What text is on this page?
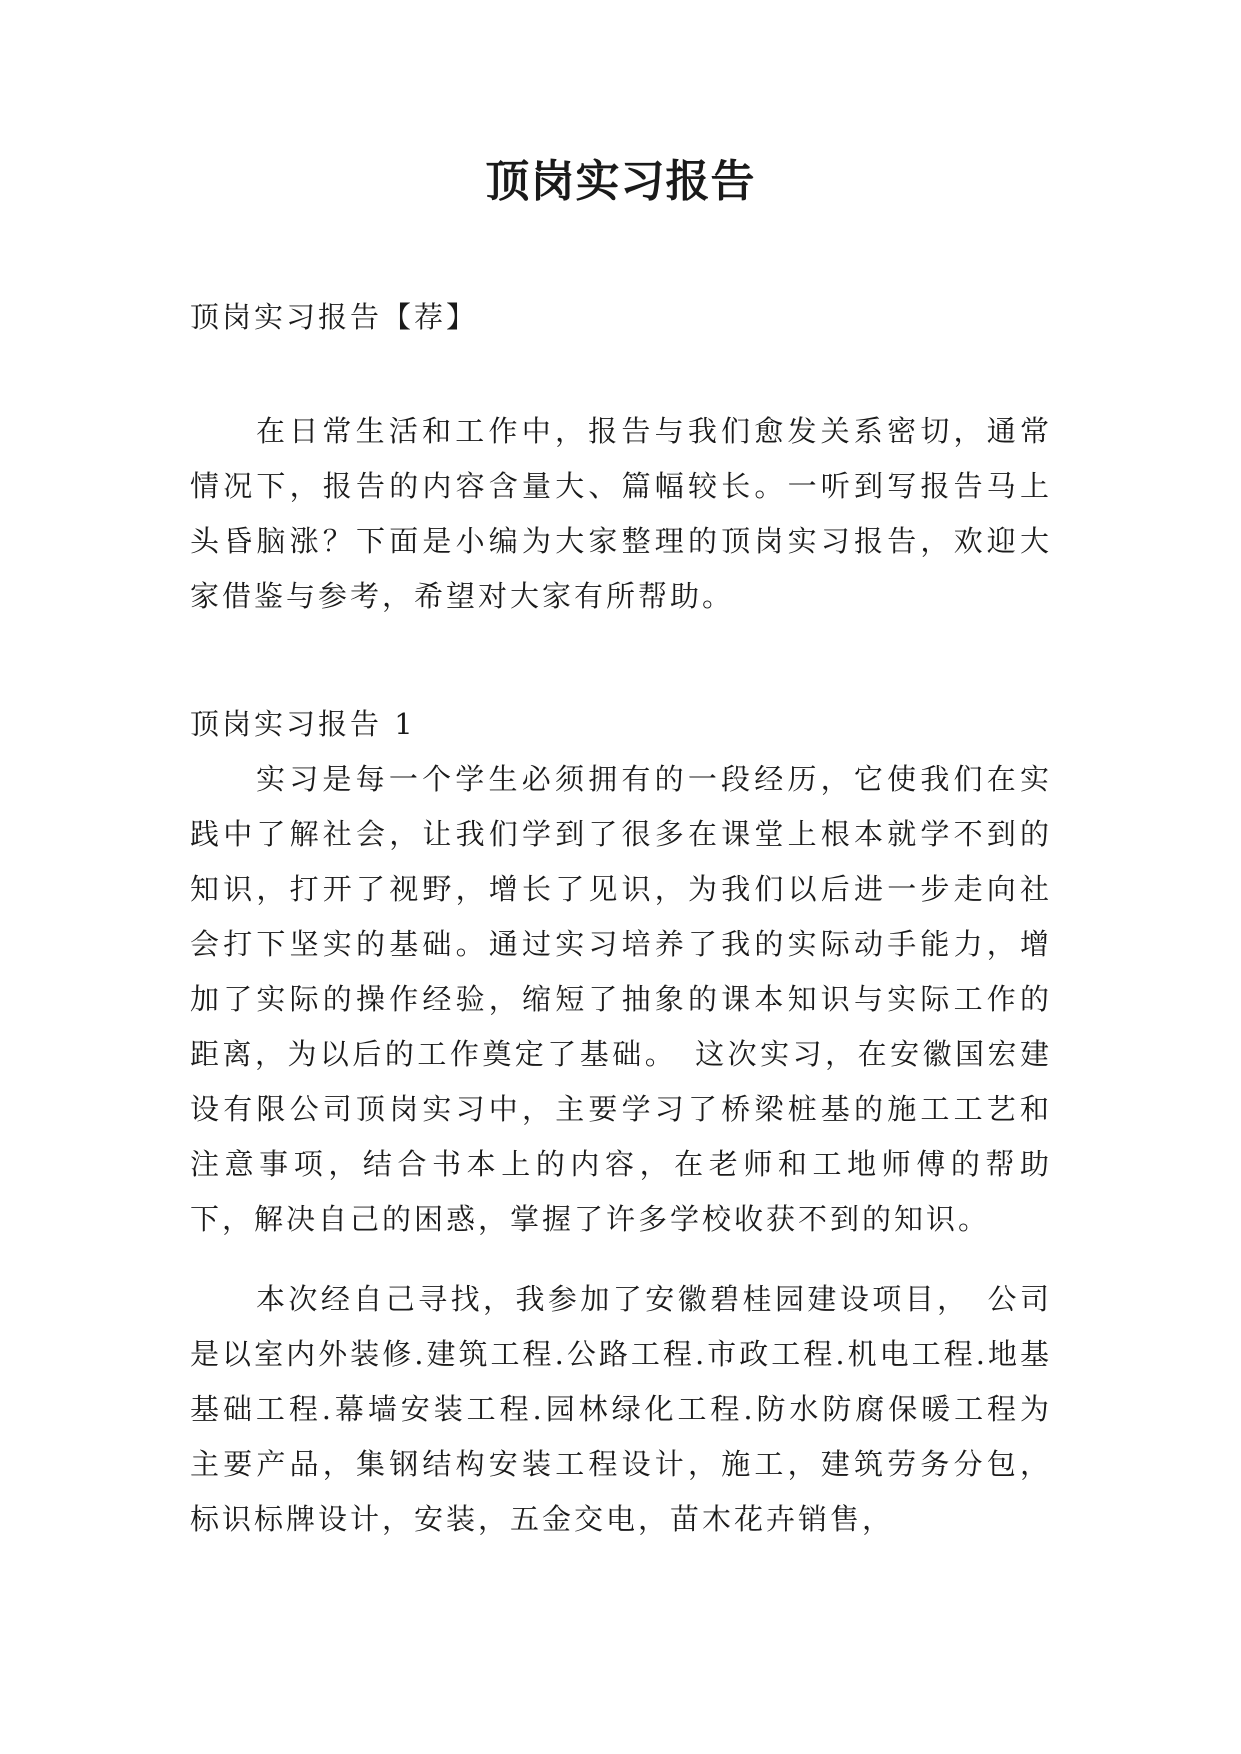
顶岗实习报告

顶岗实习报告【荐】

在日常生活和工作中，报告与我们愈发关系密切，通常情况下，报告的内容含量大、篇幅较长。一听到写报告马上头昏脑涨？下面是小编为大家整理的顶岗实习报告，欢迎大家借鉴与参考，希望对大家有所帮助。

顶岗实习报告 1

实习是每一个学生必须拥有的一段经历，它使我们在实践中了解社会，让我们学到了很多在课堂上根本就学不到的知识，打开了视野，增长了见识，为我们以后进一步走向社会打下坚实的基础。通过实习培养了我的实际动手能力，增加了实际的操作经验，缩短了抽象的课本知识与实际工作的距离，为以后的工作奠定了基础。　这次实习，在安徽国宏建设有限公司顶岗实习中，主要学习了桥梁桩基的施工工艺和注意事项，结合书本上的内容，在老师和工地师傅的帮助下，解决自己的困惑，掌握了许多学校收获不到的知识。

本次经自己寻找，我参加了安徽碧桂园建设项目，　公司是以室内外装修.建筑工程.公路工程.市政工程.机电工程.地基基础工程.幕墙安装工程.园林绿化工程.防水防腐保暖工程为主要产品，集钢结构安装工程设计，施工，建筑劳务分包，标识标牌设计，安装，五金交电，苗木花卉销售，
